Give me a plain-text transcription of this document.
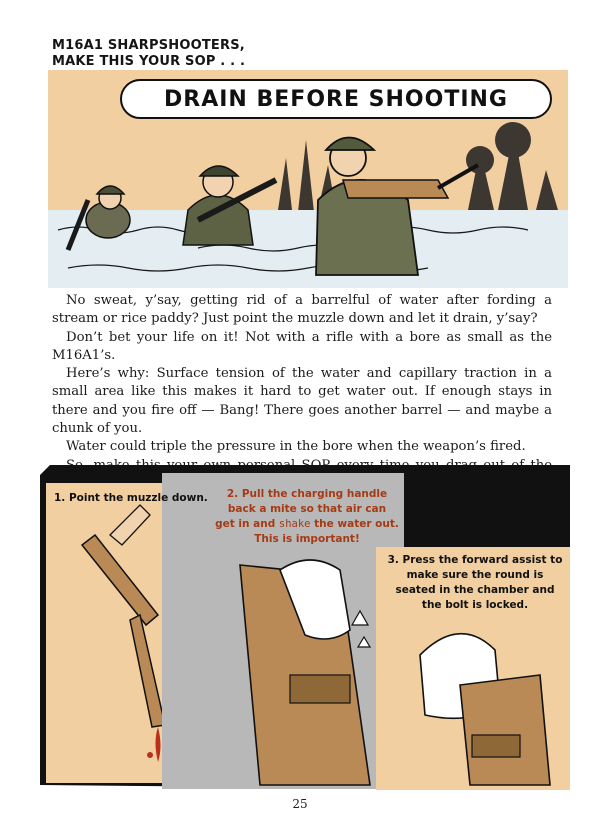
M16A1 SHARPSHOOTERS,
MAKE THIS YOUR SOP . . .
DRAIN BEFORE SHOOTING

No sweat, y’say, getting rid of a barrelful of water after fording a stream or rice paddy? Just point the muzzle down and let it drain, y’say?

Don’t bet your life on it! Not with a rifle with a bore as small as the M16A1’s.

Here’s why: Surface tension of the water and capillary traction in a small area like this makes it hard to get water out. If enough stays in there and you fire off — Bang! There goes another barrel — and maybe a chunk of you.

Water could triple the pressure in the bore when the weapon’s fired.

1. Point the muzzle down.	2. Pull the charging handle
back a mite so that air can
get in and shake the water out.
This is important!
3. Press the forward assist to
make sure the round is
seated in the chamber and
the bolt is locked.
25
